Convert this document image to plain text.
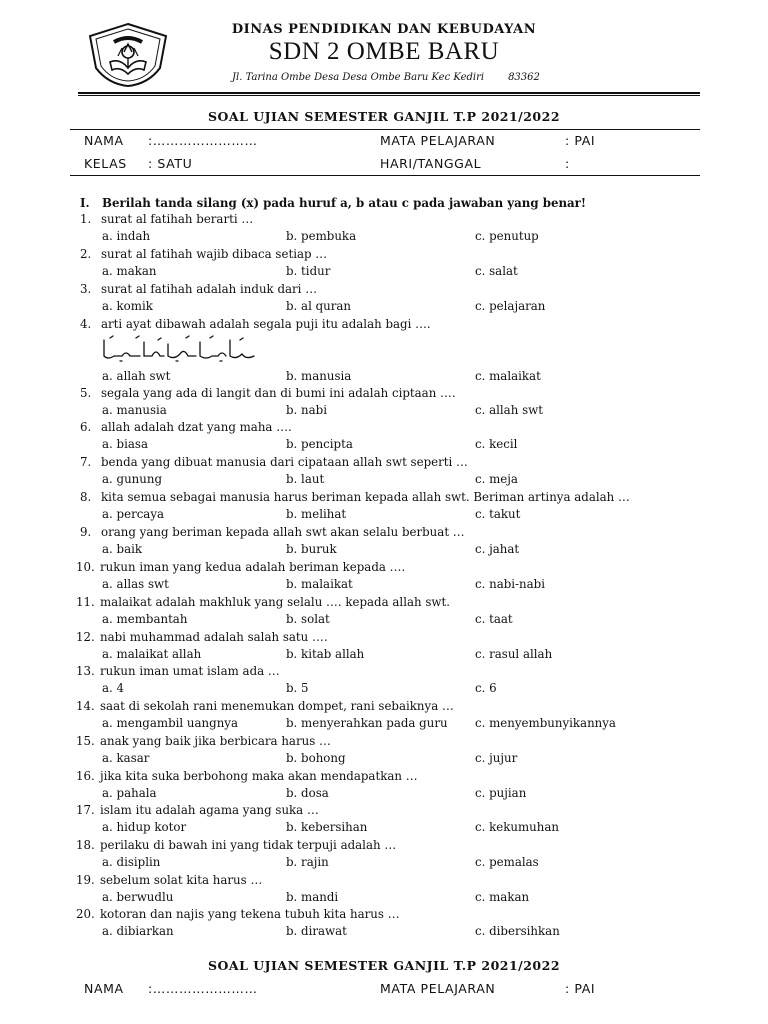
DINAS PENDIDIKAN DAN KEBUDAYAN
SDN 2 OMBE BARU
Jl. Tarina Ombe Desa Desa Ombe Baru Kec Kediri 83362
SOAL UJIAN SEMESTER GANJIL T.P 2021/2022
NAMA :……………………	MATA PELAJARAN	: PAI
KELAS : SATU	HARI/TANGGAL	:
I. Berilah tanda silang (x) pada huruf a, b atau c pada jawaban yang benar!
1. surat al fatihah berarti …
a. indah	b. pembuka	c. penutup
2. surat al fatihah wajib dibaca setiap …
a. makan	b. tidur	c. salat
3. surat al fatihah adalah induk dari …
a. komik	b. al quran	c. pelajaran
4. arti ayat dibawah adalah segala puji itu adalah bagi ….
a. allah swt	b. manusia	c. malaikat
5. segala yang ada di langit dan di bumi ini adalah ciptaan ….
a. manusia	b. nabi	c. allah swt
6. allah adalah dzat yang maha ….
a. biasa	b. pencipta	c. kecil
7. benda yang dibuat manusia dari cipataan allah swt seperti …
a. gunung	b. laut	c. meja
8. kita semua sebagai manusia harus beriman kepada allah swt. Beriman artinya adalah …
a. percaya	b. melihat	c. takut
9. orang yang beriman kepada allah swt akan selalu berbuat …
a. baik	b. buruk	c. jahat
10. rukun iman yang kedua adalah beriman kepada ….
a. allas swt	b. malaikat	c. nabi-nabi
11. malaikat adalah makhluk yang selalu …. kepada allah swt.
a. membantah	b. solat	c. taat
12. nabi muhammad adalah salah satu ….
a. malaikat allah	b. kitab allah	c. rasul allah
13. rukun iman umat islam ada …
a. 4	b. 5	c. 6
14. saat di sekolah rani menemukan dompet, rani sebaiknya …
a. mengambil uangnya	b. menyerahkan pada guru c. menyembunyikannya
15. anak yang baik jika berbicara harus …
a. kasar	b. bohong	c. jujur
16. jika kita suka berbohong maka akan mendapatkan …
a. pahala	b. dosa	c. pujian
17. islam itu adalah agama yang suka …
a. hidup kotor	b. kebersihan	c. kekumuhan
18. perilaku di bawah ini yang tidak terpuji adalah …
a. disiplin	b. rajin	c. pemalas
19. sebelum solat kita harus …
a. berwudlu	b. mandi	c. makan
20. kotoran dan najis yang tekena tubuh kita harus …
a. dibiarkan	b. dirawat	c. dibersihkan
SOAL UJIAN SEMESTER GANJIL T.P 2021/2022
NAMA :……………………	MATA PELAJARAN	: PAI
